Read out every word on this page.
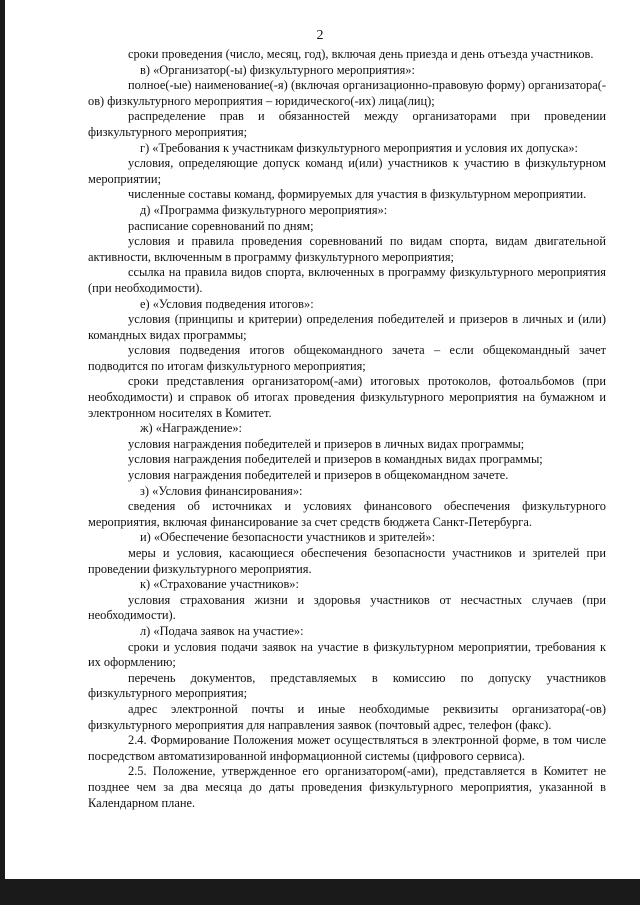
2

сроки проведения (число, месяц, год), включая день приезда и день отъезда участников.

в) «Организатор(-ы) физкультурного мероприятия»:

полное(-ые) наименование(-я) (включая организационно-правовую форму) организатора(-ов) физкультурного мероприятия – юридического(-их) лица(лиц);

распределение прав и обязанностей между организаторами при проведении физкультурного мероприятия;

г) «Требования к участникам физкультурного мероприятия и условия их допуска»:

условия, определяющие допуск команд и(или) участников к участию в физкультурном мероприятии;

численные составы команд, формируемых для участия в физкультурном мероприятии.

д) «Программа физкультурного мероприятия»:

расписание соревнований по дням;

условия и правила проведения соревнований по видам спорта, видам двигательной активности, включенным в программу физкультурного мероприятия;

ссылка на правила видов спорта, включенных в программу физкультурного мероприятия (при необходимости).

е) «Условия подведения итогов»:

условия (принципы и критерии) определения победителей и призеров в личных и (или) командных видах программы;

условия подведения итогов общекомандного зачета – если общекомандный зачет подводится по итогам физкультурного мероприятия;

сроки представления организатором(-ами) итоговых протоколов, фотоальбомов (при необходимости) и справок об итогах проведения физкультурного мероприятия на бумажном и электронном носителях в Комитет.

ж) «Награждение»:

условия награждения победителей и призеров в личных видах программы;

условия награждения победителей и призеров в командных видах программы;

условия награждения победителей и призеров в общекомандном зачете.

з) «Условия финансирования»:

сведения об источниках и условиях финансового обеспечения физкультурного мероприятия, включая финансирование за счет средств бюджета Санкт-Петербурга.

и) «Обеспечение безопасности участников и зрителей»:

меры и условия, касающиеся обеспечения безопасности участников и зрителей при проведении физкультурного мероприятия.

к) «Страхование участников»:

условия страхования жизни и здоровья участников от несчастных случаев (при необходимости).

л) «Подача заявок на участие»:

сроки и условия подачи заявок на участие в физкультурном мероприятии, требования к их оформлению;

перечень документов, представляемых в комиссию по допуску участников физкультурного мероприятия;

адрес электронной почты и иные необходимые реквизиты организатора(-ов) физкультурного мероприятия для направления заявок (почтовый адрес, телефон (факс).

2.4. Формирование Положения может осуществляться в электронной форме, в том числе посредством автоматизированной информационной системы (цифрового сервиса).

2.5. Положение, утвержденное его организатором(-ами), представляется в Комитет не позднее чем за два месяца до даты проведения физкультурного мероприятия, указанной в Календарном плане.
